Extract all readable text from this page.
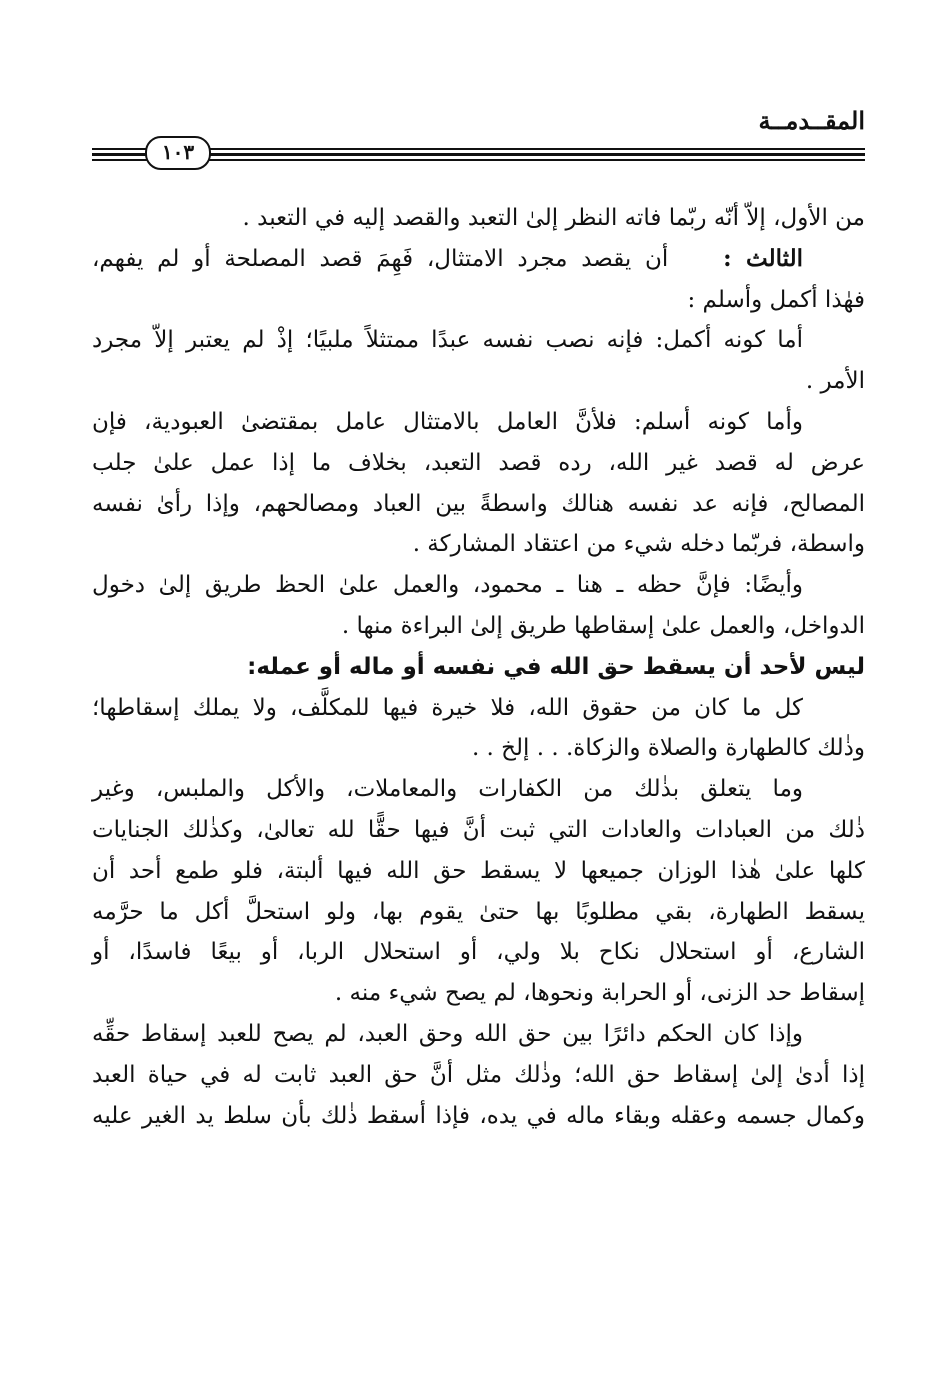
المقــدمــة
١٠٣
من الأول، إلاّ أنّه ربّما فاته النظر إلىٰ التعبد والقصد إليه في التعبد .
الثالث :    أن يقصد مجرد الامتثال، فَهِمَ قصد المصلحة أو لم يفهم،
فهٰذا أكمل وأسلم :
أما كونه أكمل: فإنه نصب نفسه عبدًا ممتثلاً ملبيًا؛ إذْ لم يعتبر إلاّ مجرد
الأمر .
وأما كونه أسلم: فلأنَّ العامل بالامتثال عامل بمقتضىٰ العبودية، فإن
عرض له قصد غير الله، رده قصد التعبد، بخلاف ما إذا عمل علىٰ جلب
المصالح، فإنه عد نفسه هنالك واسطةً بين العباد ومصالحهم، وإذا رأىٰ نفسه
واسطة، فربّما دخله شيء من اعتقاد المشاركة .
وأيضًا: فإنَّ حظه ـ هنا ـ محمود، والعمل علىٰ الحظ طريق إلىٰ دخول
الدواخل، والعمل علىٰ إسقاطها طريق إلىٰ البراءة منها .
ليس لأحد أن يسقط حق الله في نفسه أو ماله أو عمله:
كل ما كان من حقوق الله، فلا خيرة فيها للمكلَّف، ولا يملك إسقاطها؛
وذٰلك كالطهارة والصلاة والزكاة. . . إلخ . .
وما يتعلق بذٰلك من الكفارات والمعاملات، والأكل والملبس، وغير
ذٰلك من العبادات والعادات التي ثبت أنَّ فيها حقًّا لله تعالىٰ، وكذٰلك الجنايات
كلها علىٰ هٰذا الوزان جميعها لا يسقط حق الله فيها ألبتة، فلو طمع أحد أن
يسقط الطهارة، بقي مطلوبًا بها حتىٰ يقوم بها، ولو استحلَّ أكل ما حرَّمه
الشارع، أو استحلال نكاح بلا ولي، أو استحلال الربا، أو بيعًا فاسدًا، أو
إسقاط حد الزنى، أو الحرابة ونحوها، لم يصح شيء منه .
وإذا كان الحكم دائرًا بين حق الله وحق العبد، لم يصح للعبد إسقاط حقِّه
إذا أدىٰ إلىٰ إسقاط حق الله؛ وذٰلك مثل أنَّ حق العبد ثابت له في حياة العبد
وكمال جسمه وعقله وبقاء ماله في يده، فإذا أسقط ذٰلك بأن سلط يد الغير عليه
